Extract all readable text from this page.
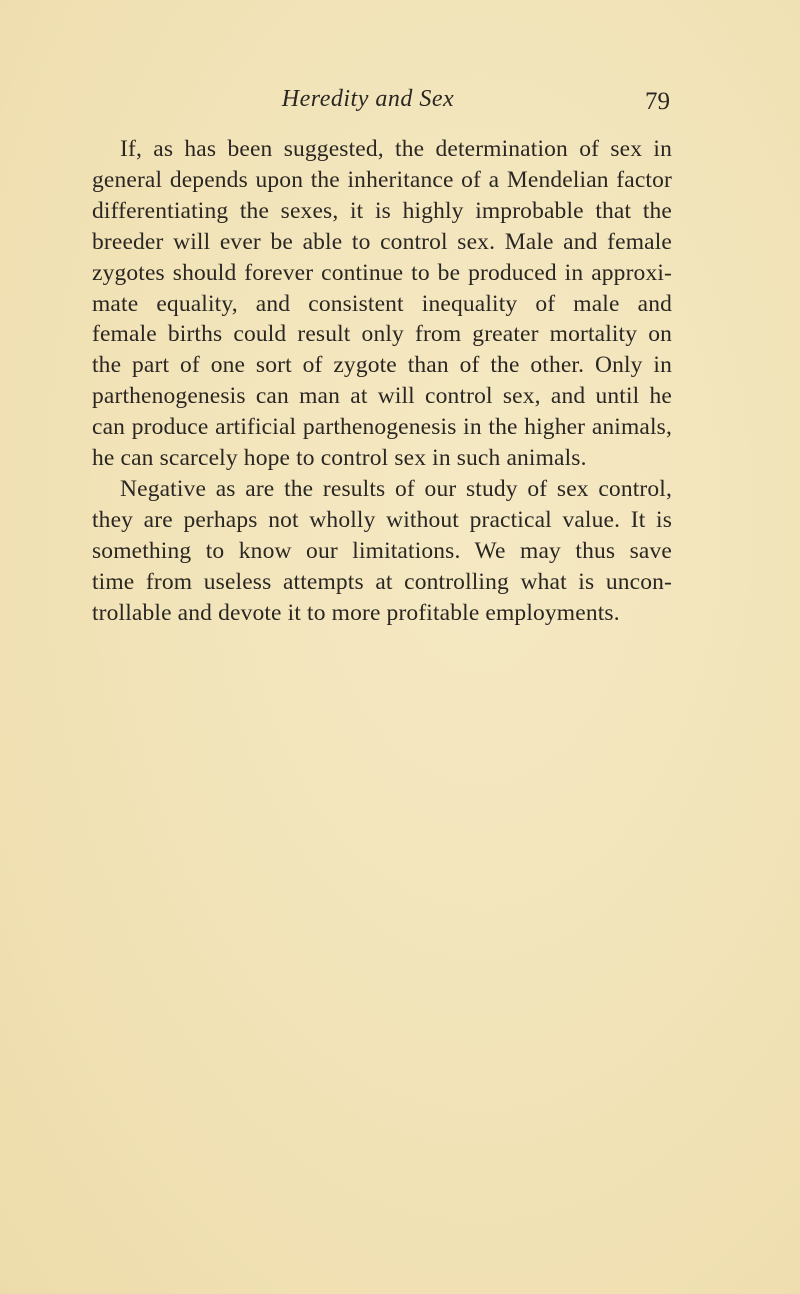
Heredity and Sex	79

If, as has been suggested, the determination of sex in
general depends upon the inheritance of a Mendelian factor
differentiating the sexes, it is highly improbable that the
breeder will ever be able to control sex. Male and female
zygotes should forever continue to be produced in approxi-
mate equality, and consistent inequality of male and
female births could result only from greater mortality on
the part of one sort of zygote than of the other. Only in
parthenogenesis can man at will control sex, and until he
can produce artificial parthenogenesis in the higher animals,
he can scarcely hope to control sex in such animals.

Negative as are the results of our study of sex control,
they are perhaps not wholly without practical value. It is
something to know our limitations. We may thus save
time from useless attempts at controlling what is uncon-
trollable and devote it to more profitable employments.
